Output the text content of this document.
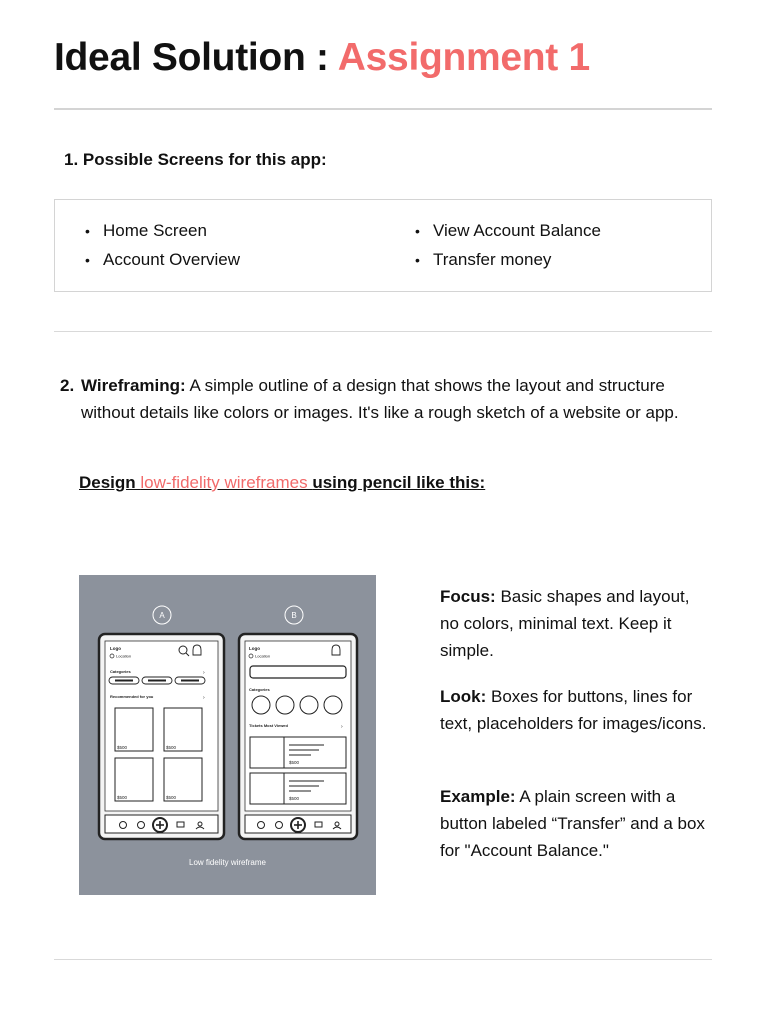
Ideal Solution : Assignment 1
1. Possible Screens for this app:
• Home Screen
• Account Overview
• View Account Balance
• Transfer money
2. Wireframing: A simple outline of a design that shows the layout and structure without details like colors or images. It's like a rough sketch of a website or app.
Design low-fidelity wireframes using pencil like this:
A	B
Logo
Location
Categories	›
Recommended for you	›
$500	$500
$500	$500
Logo
Location
Categories
Tickets Most Viewed	›
$500
$500
Low fidelity wireframe
Focus: Basic shapes and layout, no colors, minimal text. Keep it simple.
Look: Boxes for buttons, lines for text, placeholders for images/icons.
Example: A plain screen with a button labeled “Transfer” and a box for "Account Balance."
